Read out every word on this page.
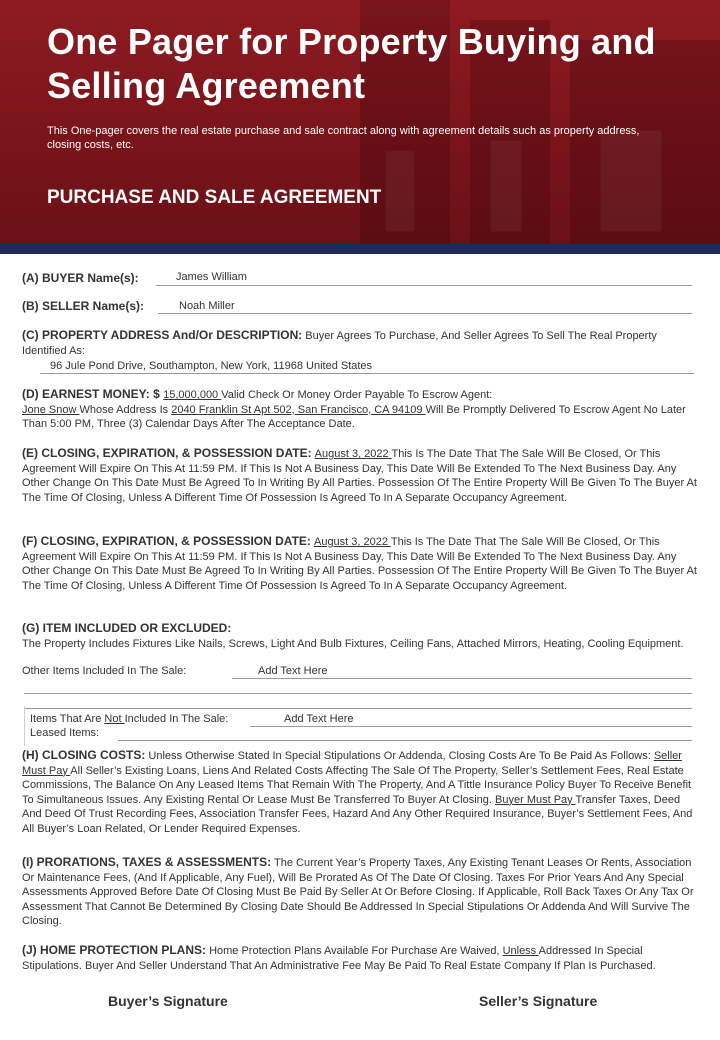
One Pager for Property Buying and Selling Agreement

This One-pager covers the real estate purchase and sale contract along with agreement details such as property address, closing costs, etc.

PURCHASE AND SALE AGREEMENT
(A) BUYER Name(s):	James William
(B) SELLER Name(s):	Noah Miller
(C) PROPERTY ADDRESS And/Or DESCRIPTION: Buyer Agrees To Purchase, And Seller Agrees To Sell The Real Property Identified As:
96 Jule Pond Drive, Southampton, New York, 11968 United States
(D) EARNEST MONEY: $ 15,000,000 Valid Check Or Money Order Payable To Escrow Agent:
Jone Snow Whose Address Is 2040 Franklin St Apt 502, San Francisco, CA 94109 Will Be Promptly Delivered To Escrow Agent No Later Than 5:00 PM, Three (3) Calendar Days After The Acceptance Date.
(E) CLOSING, EXPIRATION, & POSSESSION DATE: August 3, 2022 This Is The Date That The Sale Will Be Closed, Or This Agreement Will Expire On This At 11:59 PM. If This Is Not A Business Day, This Date Will Be Extended To The Next Business Day. Any Other Change On This Date Must Be Agreed To In Writing By All Parties. Possession Of The Entire Property Will Be Given To The Buyer At The Time Of Closing, Unless A Different Time Of Possession Is Agreed To In A Separate Occupancy Agreement.
(F) CLOSING, EXPIRATION, & POSSESSION DATE: August 3, 2022 This Is The Date That The Sale Will Be Closed, Or This Agreement Will Expire On This At 11:59 PM. If This Is Not A Business Day, This Date Will Be Extended To The Next Business Day. Any Other Change On This Date Must Be Agreed To In Writing By All Parties. Possession Of The Entire Property Will Be Given To The Buyer At The Time Of Closing, Unless A Different Time Of Possession Is Agreed To In A Separate Occupancy Agreement.
(G) ITEM INCLUDED OR EXCLUDED:
The Property Includes Fixtures Like Nails, Screws, Light And Bulb Fixtures, Ceiling Fans, Attached Mirrors, Heating, Cooling Equipment.
Other Items Included In The Sale:	Add Text Here
Items That Are Not Included In The Sale:	Add Text Here
Leased Items:
(H) CLOSING COSTS: Unless Otherwise Stated In Special Stipulations Or Addenda, Closing Costs Are To Be Paid As Follows: Seller Must Pay All Seller’s Existing Loans, Liens And Related Costs Affecting The Sale Of The Property, Seller’s Settlement Fees, Real Estate Commissions, The Balance On Any Leased Items That Remain With The Property, And A Tittle Insurance Policy Buyer To Receive Benefit To Simultaneous Issues. Any Existing Rental Or Lease Must Be Transferred To Buyer At Closing. Buyer Must Pay Transfer Taxes, Deed And Deed Of Trust Recording Fees, Association Transfer Fees, Hazard And Any Other Required Insurance, Buyer’s Settlement Fees, And All Buyer’s Loan Related, Or Lender Required Expenses.
(I) PRORATIONS, TAXES & ASSESSMENTS: The Current Year’s Property Taxes, Any Existing Tenant Leases Or Rents, Association Or Maintenance Fees, (And If Applicable, Any Fuel), Will Be Prorated As Of The Date Of Closing. Taxes For Prior Years And Any Special Assessments Approved Before Date Of Closing Must Be Paid By Seller At Or Before Closing. If Applicable, Roll Back Taxes Or Any Tax Or Assessment That Cannot Be Determined By Closing Date Should Be Addressed In Special Stipulations Or Addenda And Will Survive The Closing.
(J) HOME PROTECTION PLANS: Home Protection Plans Available For Purchase Are Waived, Unless Addressed In Special Stipulations. Buyer And Seller Understand That An Administrative Fee May Be Paid To Real Estate Company If Plan Is Purchased.
Buyer’s Signature	Seller’s Signature
